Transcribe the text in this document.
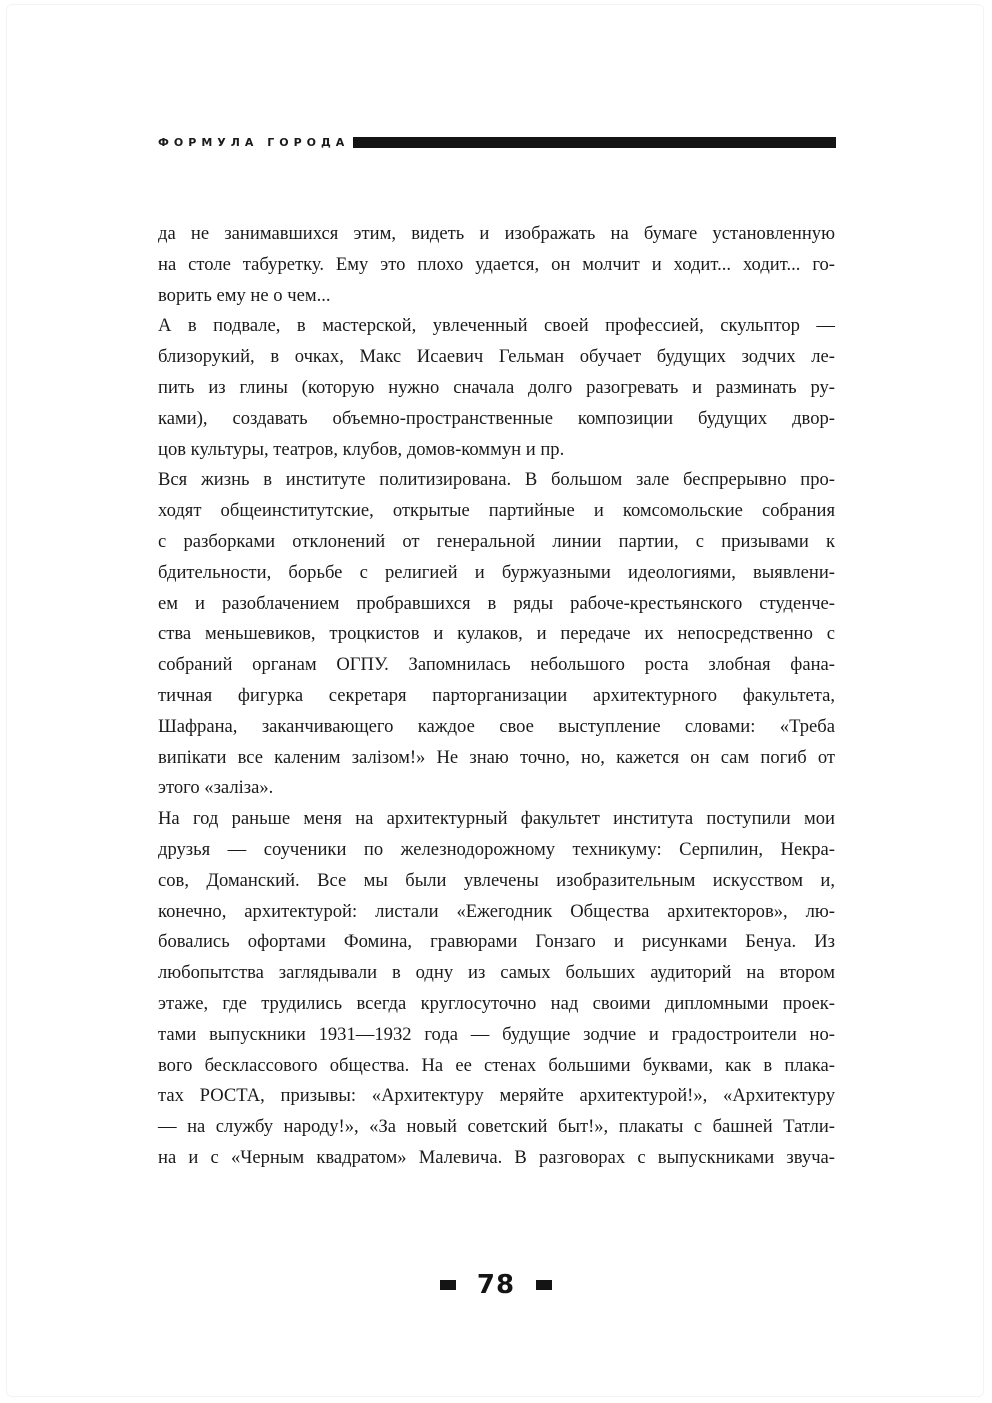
ФОРМУЛА ГОРОДА
да не занимавшихся этим, видеть и изображать на бумаге установленную
на столе табуретку. Ему это плохо удается, он молчит и ходит... ходит... го-
ворить ему не о чем...
А в подвале, в мастерской, увлеченный своей профессией, скульптор —
близорукий, в очках, Макс Исаевич Гельман обучает будущих зодчих ле-
пить из глины (которую нужно сначала долго разогревать и разминать ру-
ками), создавать объемно-пространственные композиции будущих двор-
цов культуры, театров, клубов, домов-коммун и пр.
Вся жизнь в институте политизирована. В большом зале беспрерывно про-
ходят общеинститутские, открытые партийные и комсомольские собрания
с разборками отклонений от генеральной линии партии, с призывами к
бдительности, борьбе с религией и буржуазными идеологиями, выявлени-
ем и разоблачением пробравшихся в ряды рабоче-крестьянского студенче-
ства меньшевиков, троцкистов и кулаков, и передаче их непосредственно с
собраний органам ОГПУ. Запомнилась небольшого роста злобная фана-
тичная фигурка секретаря парторганизации архитектурного факультета,
Шафрана, заканчивающего каждое свое выступление словами: «Треба
випікати все каленим залізом!» Не знаю точно, но, кажется он сам погиб от
этого «заліза».
На год раньше меня на архитектурный факультет института поступили мои
друзья — соученики по железнодорожному техникуму: Серпилин, Некра-
сов, Доманский. Все мы были увлечены изобразительным искусством и,
конечно, архитектурой: листали «Ежегодник Общества архитекторов», лю-
бовались офортами Фомина, гравюрами Гонзаго и рисунками Бенуа. Из
любопытства заглядывали в одну из самых больших аудиторий на втором
этаже, где трудились всегда круглосуточно над своими дипломными проек-
тами выпускники 1931—1932 года — будущие зодчие и градостроители но-
вого бесклассового общества. На ее стенах большими буквами, как в плака-
тах РОСТА, призывы: «Архитектуру меряйте архитектурой!», «Архитектуру
— на службу народу!», «За новый советский быт!», плакаты с башней Татли-
на и с «Черным квадратом» Малевича. В разговорах с выпускниками звуча-
78
